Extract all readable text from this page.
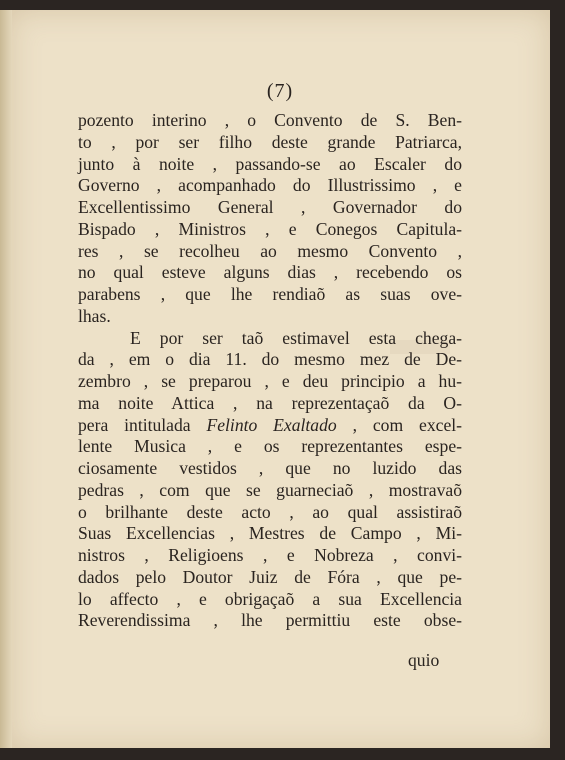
(7)
pozento interino , o Convento de S. Ben-
to , por ser filho deste grande Patriarca,
junto à noite , passando-se ao Escaler do
Governo , acompanhado do Illustrissimo , e
Excellentissimo General , Governador do
Bispado , Ministros , e Conegos Capitula-
res , se recolheu ao mesmo Convento ,
no qual esteve alguns dias , recebendo os
parabens , que lhe rendiaõ as suas ove-
lhas.
E por ser taõ estimavel esta chega-
da , em o dia 11. do mesmo mez de De-
zembro , se preparou , e deu principio a hu-
ma noite Attica , na reprezentaçaõ da O-
pera intitulada Felinto Exaltado , com excel-
lente Musica , e os reprezentantes espe-
ciosamente vestidos , que no luzido das
pedras , com que se guarneciaõ , mostravaõ
o brilhante deste acto , ao qual assistiraõ
Suas Excellencias , Mestres de Campo , Mi-
nistros , Religioens , e Nobreza , convi-
dados pelo Doutor Juiz de Fóra , que pe-
lo affecto , e obrigaçaõ a sua Excellencia
Reverendissima , lhe permittiu este obse-
quio
